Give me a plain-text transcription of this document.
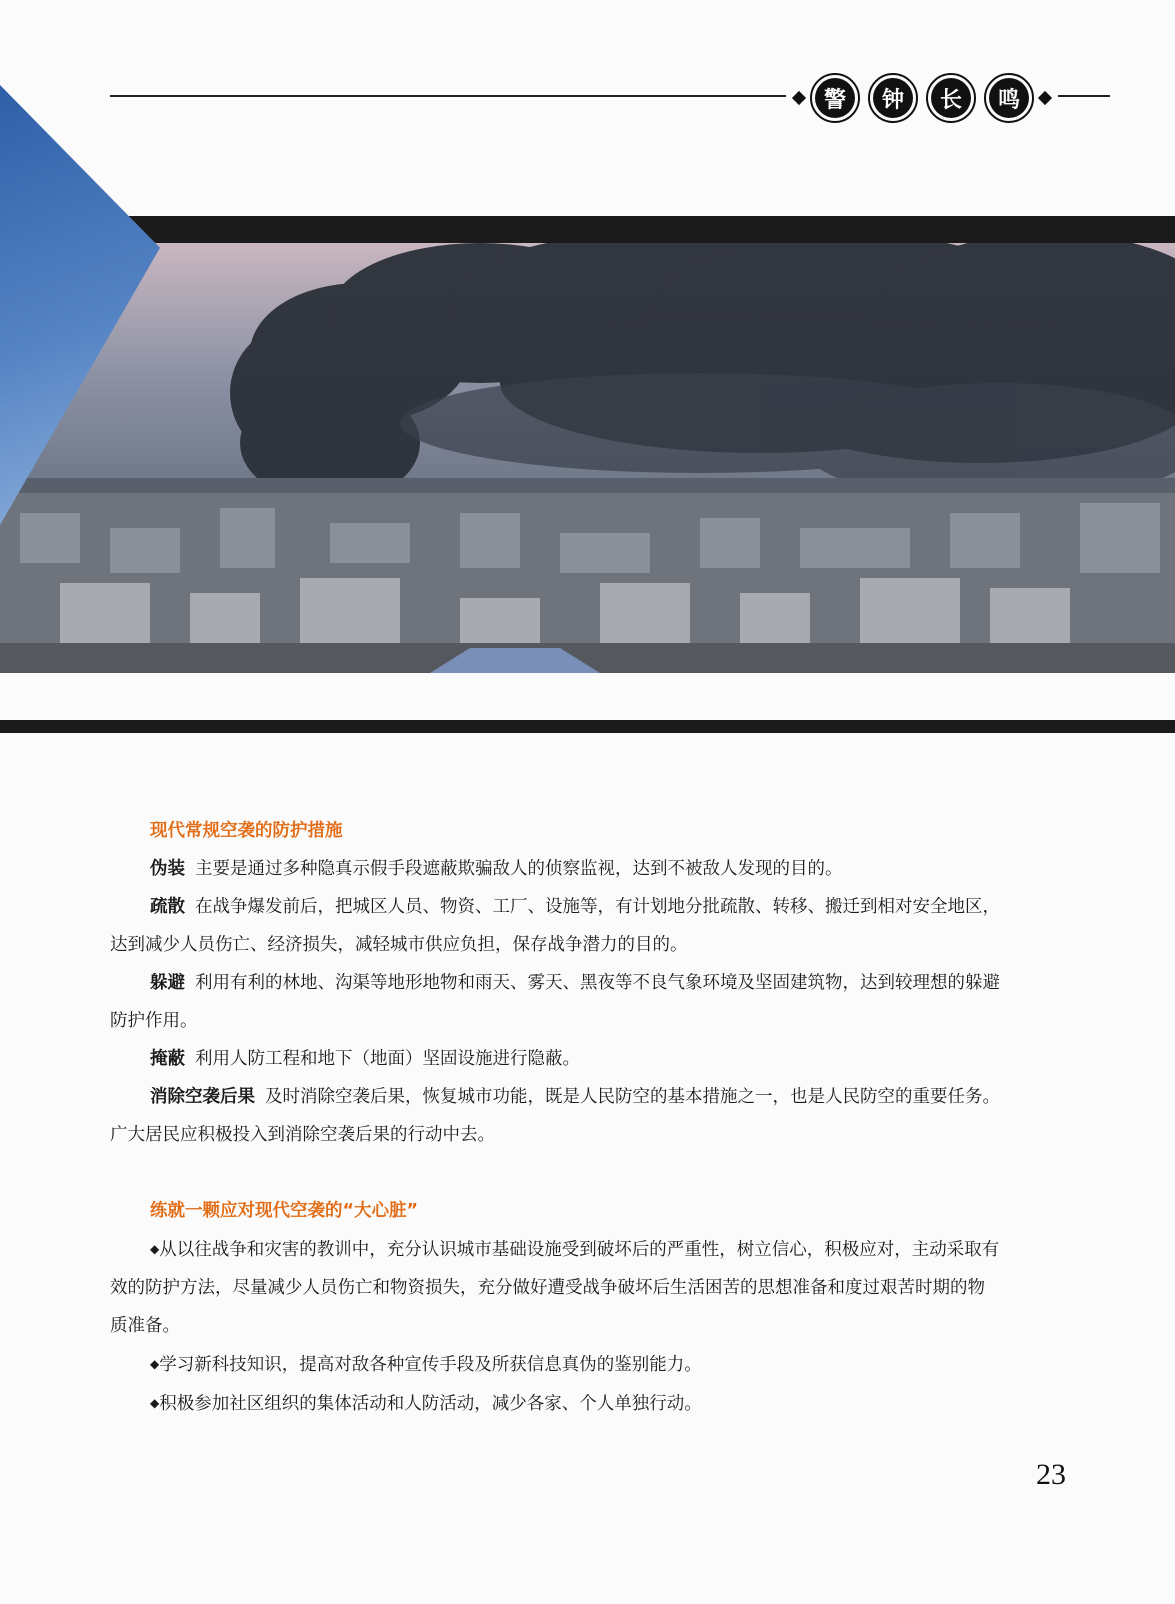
警	钟	长	鸣
现代常规空袭的防护措施

伪装 主要是通过多种隐真示假手段遮蔽欺骗敌人的侦察监视，达到不被敌人发现的目的。

疏散 在战争爆发前后，把城区人员、物资、工厂、设施等，有计划地分批疏散、转移、搬迁到相对安全地区，达到减少人员伤亡、经济损失，减轻城市供应负担，保存战争潜力的目的。

躲避 利用有利的林地、沟渠等地形地物和雨天、雾天、黑夜等不良气象环境及坚固建筑物，达到较理想的躲避防护作用。

掩蔽 利用人防工程和地下（地面）坚固设施进行隐蔽。

消除空袭后果 及时消除空袭后果，恢复城市功能，既是人民防空的基本措施之一，也是人民防空的重要任务。广大居民应积极投入到消除空袭后果的行动中去。

练就一颗应对现代空袭的“大心脏”

◆从以往战争和灾害的教训中，充分认识城市基础设施受到破坏后的严重性，树立信心，积极应对，主动采取有效的防护方法，尽量减少人员伤亡和物资损失，充分做好遭受战争破坏后生活困苦的思想准备和度过艰苦时期的物质准备。

◆学习新科技知识，提高对敌各种宣传手段及所获信息真伪的鉴别能力。

◆积极参加社区组织的集体活动和人防活动，减少各家、个人单独行动。

23
